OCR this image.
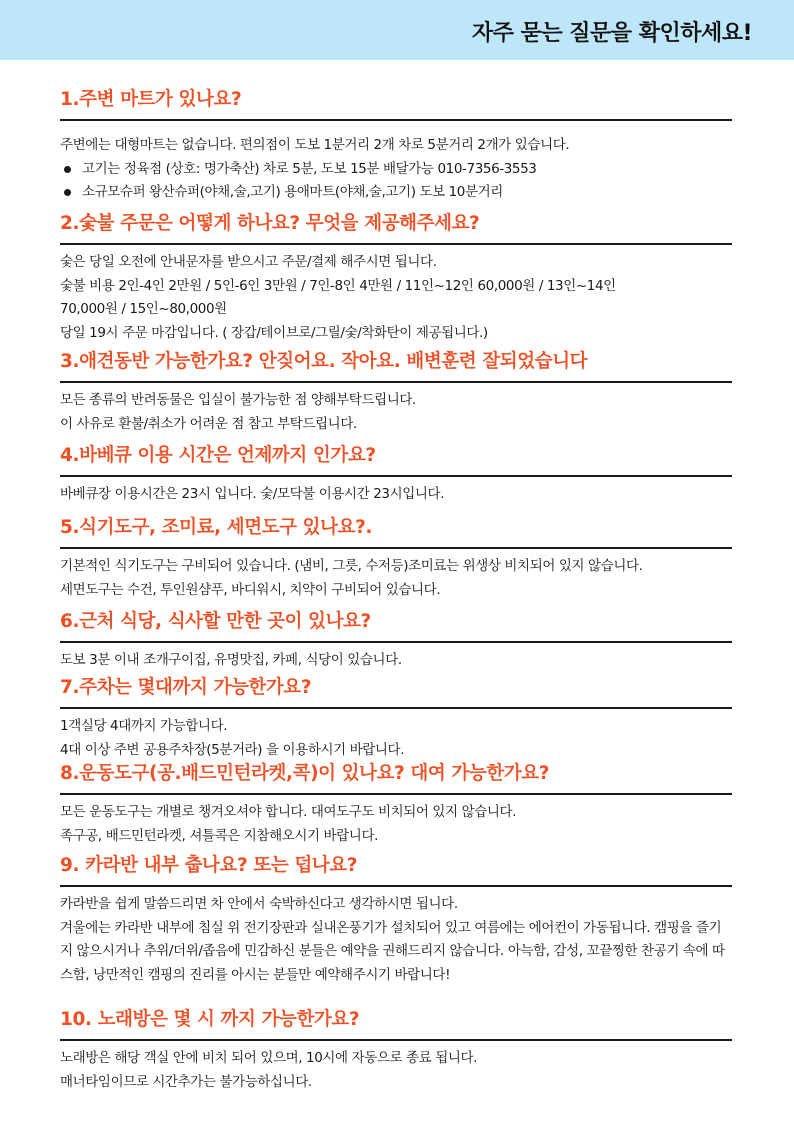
자주 묻는 질문을 확인하세요!
1.주변 마트가 있나요?
주변에는 대형마트는 없습니다. 편의점이 도보 1분거리 2개 차로 5분거리 2개가 있습니다.
고기는 정육점 (상호: 명가축산) 차로 5분, 도보 15분 배달가능 010-7356-3553
소규모슈퍼 왕산슈퍼(야채,술,고기) 용애마트(야채,술,고기) 도보 10분거리
2.숯불 주문은 어떻게 하나요? 무엇을 제공해주세요?
숯은 당일 오전에 안내문자를 받으시고 주문/결제 해주시면 됩니다.
숯불 비용 2인-4인 2만원 / 5인-6인 3만원 / 7인-8인 4만원 / 11인~12인 60,000원 / 13인~14인
70,000원 / 15인~80,000원
당일 19시 주문 마감입니다. ( 장갑/테이브로/그릴/숯/착화탄이 제공됩니다.)
3.애견동반 가능한가요? 안짖어요. 작아요. 배변훈련 잘되었습니다
모든 종류의 반려동물은 입실이 불가능한 점 양해부탁드립니다.
이 사유로 환불/취소가 어려운 점 참고 부탁드립니다.
4.바베큐 이용 시간은 언제까지 인가요?
바베큐장 이용시간은 23시 입니다. 숯/모닥불 이용시간 23시입니다.
5.식기도구, 조미료, 세면도구 있나요?.
기본적인 식기도구는 구비되어 있습니다. (냄비, 그릇, 수저등)조미료는 위생상 비치되어 있지 않습니다.
세면도구는 수건, 투인원샴푸, 바디워시, 치약이 구비되어 있습니다.
6.근처 식당, 식사할 만한 곳이 있나요?
도보 3분 이내 조개구이집, 유명맛집, 카페, 식당이 있습니다.
7.주차는 몇대까지 가능한가요?
1객실당 4대까지 가능합니다.
4대 이상 주변 공용주차장(5분거라) 을 이용하시기 바랍니다.
8.운동도구(공.배드민턴라켓,콕)이 있나요? 대여 가능한가요?
모든 운동도구는 개별로 챙겨오셔야 합니다. 대여도구도 비치되어 있지 않습니다.
족구공, 배드민턴라켓, 셔틀콕은 지참해오시기 바랍니다.
9. 카라반 내부 춥나요? 또는 덥나요?
카라반을 쉽게 말씀드리면 차 안에서 숙박하신다고 생각하시면 됩니다.
겨울에는 카라반 내부에 침실 위 전기장판과 실내온풍기가 설치되어 있고 여름에는 에어컨이 가동됩니다. 캠핑을 즐기지 않으시거나 추위/더위/좁음에 민감하신 분들은 예약을 권해드리지 않습니다. 아늑함, 감성, 꼬끝찡한 찬공기 속에 따스함, 낭만적인 캠핑의 진리를 아시는 분들만 예약해주시기 바랍니다!
10. 노래방은 몇 시 까지 가능한가요?
노래방은 해당 객실 안에 비치 되어 있으며, 10시에 자동으로 종료 됩니다.
매너타임이므로 시간추가는 불가능하십니다.
